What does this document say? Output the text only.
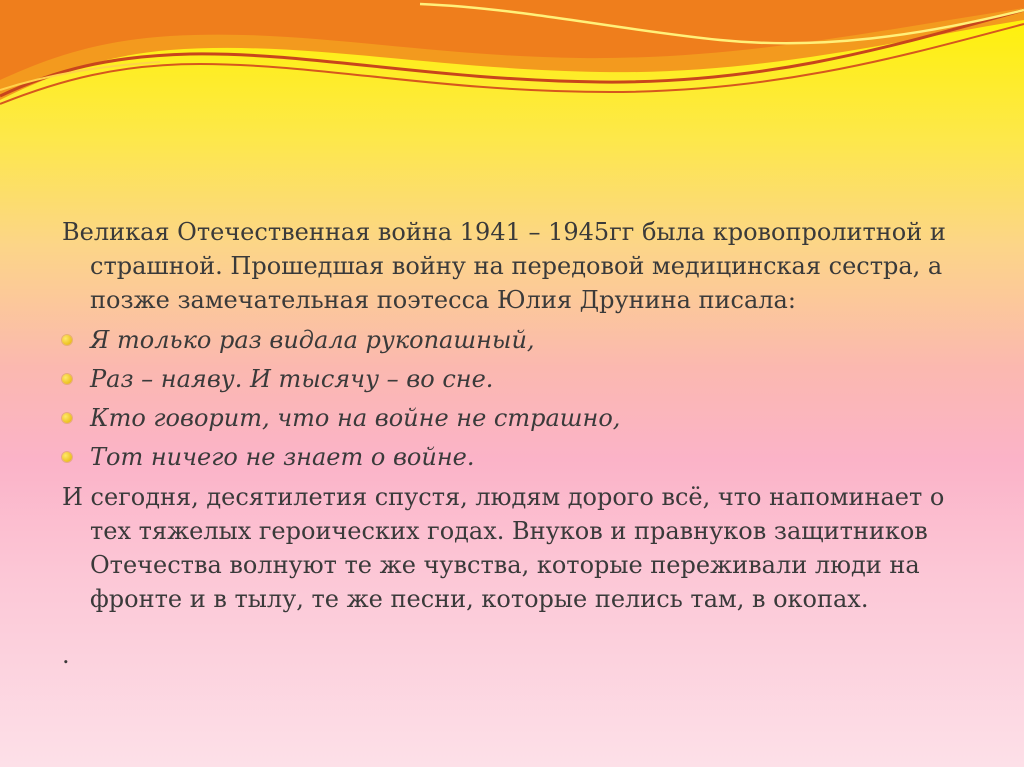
Великая Отечественная война 1941 – 1945гг была кровопролитной и страшной. Прошедшая войну на передовой медицинская сестра, а позже замечательная поэтесса Юлия Друнина писала:

Я только раз видала рукопашный,
Раз – наяву. И тысячу – во сне.
Кто говорит, что на войне не страшно,
Тот ничего не знает о войне.

И сегодня, десятилетия спустя, людям дорого всё, что напоминает о тех тяжелых героических годах. Внуков и правнуков защитников Отечества волнуют те же чувства, которые переживали люди на фронте и в тылу, те же песни, которые пелись там, в окопах.

.
